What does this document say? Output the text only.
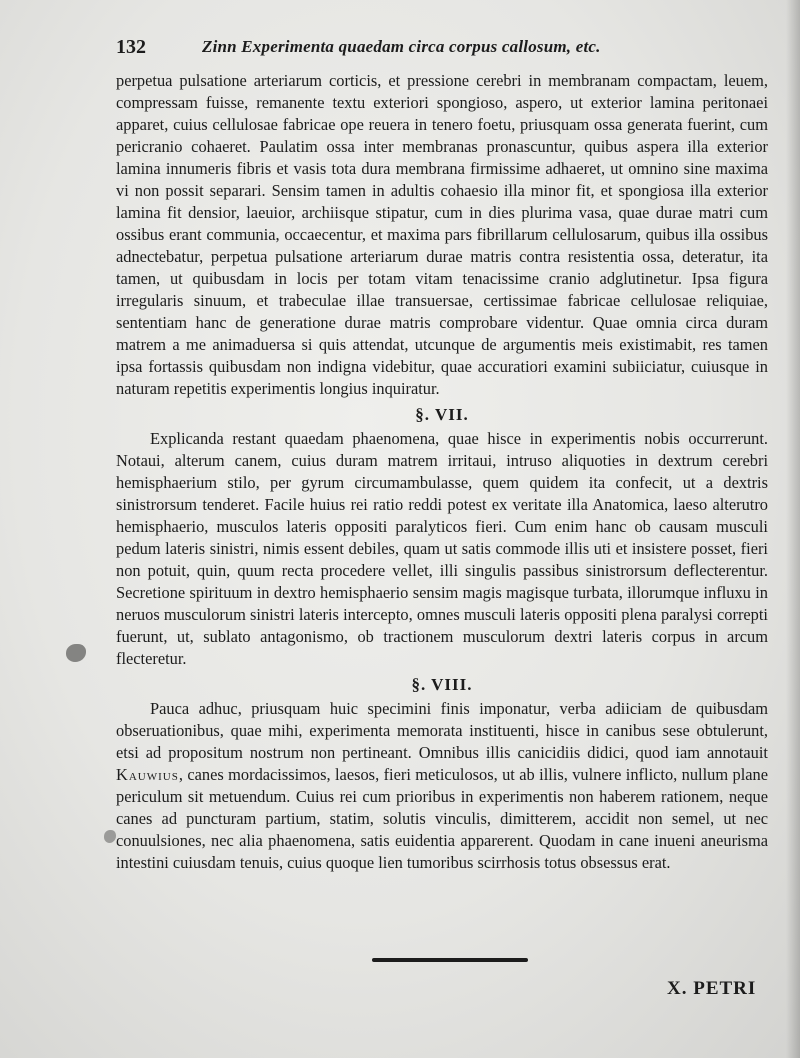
132	Zinn Experimenta quaedam circa corpus callosum, etc.

perpetua pulsatione arteriarum corticis, et pressione cerebri in membranam compactam, leuem, compressam fuisse, remanente textu exteriori spongioso, aspero, ut exterior lamina peritonaei apparet, cuius cellulosae fabricae ope reuera in tenero foetu, priusquam ossa generata fuerint, cum pericranio cohaeret. Paulatim ossa inter membranas pronascuntur, quibus aspera illa exterior lamina innumeris fibris et vasis tota dura membrana firmissime adhaeret, ut omnino sine maxima vi non possit separari. Sensim tamen in adultis cohaesio illa minor fit, et spongiosa illa exterior lamina fit densior, laeuior, archiisque stipatur, cum in dies plurima vasa, quae durae matri cum ossibus erant communia, occaecentur, et maxima pars fibrillarum cellulosarum, quibus illa ossibus adnectebatur, perpetua pulsatione arteriarum durae matris contra resistentia ossa, deteratur, ita tamen, ut quibusdam in locis per totam vitam tenacissime cranio adglutinetur. Ipsa figura irregularis sinuum, et trabeculae illae transuersae, certissimae fabricae cellulosae reliquiae, sententiam hanc de generatione durae matris comprobare videntur. Quae omnia circa duram matrem a me animaduersa si quis attendat, utcunque de argumentis meis existimabit, res tamen ipsa fortassis quibusdam non indigna videbitur, quae accuratiori examini subiiciatur, cuiusque in naturam repetitis experimentis longius inquiratur.

§. VII.

Explicanda restant quaedam phaenomena, quae hisce in experimentis nobis occurrerunt. Notaui, alterum canem, cuius duram matrem irritaui, intruso aliquoties in dextrum cerebri hemisphaerium stilo, per gyrum circumambulasse, quem quidem ita confecit, ut a dextris sinistrorsum tenderet. Facile huius rei ratio reddi potest ex veritate illa Anatomica, laeso alterutro hemisphaerio, musculos lateris oppositi paralyticos fieri. Cum enim hanc ob causam musculi pedum lateris sinistri, nimis essent debiles, quam ut satis commode illis uti et insistere posset, fieri non potuit, quin, quum recta procedere vellet, illi singulis passibus sinistrorsum deflecterentur. Secretione spirituum in dextro hemisphaerio sensim magis magisque turbata, illorumque influxu in neruos musculorum sinistri lateris intercepto, omnes musculi lateris oppositi plena paralysi correpti fuerunt, ut, sublato antagonismo, ob tractionem musculorum dextri lateris corpus in arcum flecteretur.

§. VIII.

Pauca adhuc, priusquam huic specimini finis imponatur, verba adiiciam de quibusdam obseruationibus, quae mihi, experimenta memorata instituenti, hisce in canibus sese obtulerunt, etsi ad propositum nostrum non pertineant. Omnibus illis canicidiis didici, quod iam annotauit Kauwius, canes mordacissimos, laesos, fieri meticulosos, ut ab illis, vulnere inflicto, nullum plane periculum sit metuendum. Cuius rei cum prioribus in experimentis non haberem rationem, neque canes ad puncturam partium, statim, solutis vinculis, dimitterem, accidit non semel, ut nec conuulsiones, nec alia phaenomena, satis euidentia apparerent. Quodam in cane inueni aneurisma intestini cuiusdam tenuis, cuius quoque lien tumoribus scirrhosis totus obsessus erat.

X. PETRI
